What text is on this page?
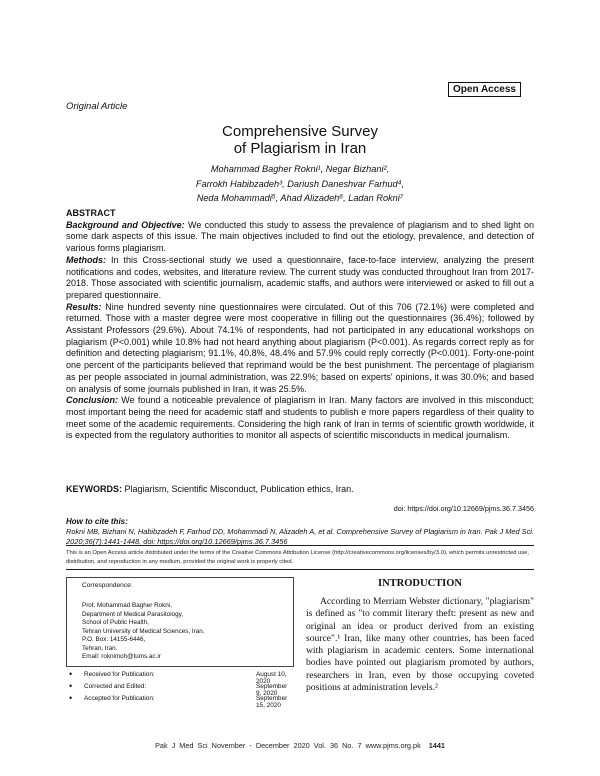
Open Access
Original Article
Comprehensive Survey
of Plagiarism in Iran
Mohammad Bagher Rokni¹, Negar Bizhani²,
Farrokh Habibzadeh³, Dariush Daneshvar Farhud⁴,
Neda Mohammadi⁵, Ahad Alizadeh⁶, Ladan Rokni⁷

ABSTRACT

Background and Objective: We conducted this study to assess the prevalence of plagiarism and to shed light on some dark aspects of this issue. The main objectives included to find out the etiology, prevalence, and detection of various forms plagiarism.

Methods: In this Cross-sectional study we used a questionnaire, face-to-face interview, analyzing the present notifications and codes, websites, and literature review. The current study was conducted throughout Iran from 2017-2018. Those associated with scientific journalism, academic staffs, and authors were interviewed or asked to fill out a prepared questionnaire.

Results: Nine hundred seventy nine questionnaires were circulated. Out of this 706 (72.1%) were completed and returned. Those with a master degree were most cooperative in filling out the questionnaires (36.4%); followed by Assistant Professors (29.6%). About 74.1% of respondents, had not participated in any educational workshops on plagiarism (P<0.001) while 10.8% had not heard anything about plagiarism (P<0.001). As regards correct reply as for definition and detecting plagiarism; 91.1%, 40.8%, 48.4% and 57.9% could reply correctly (P<0.001). Forty-one-point one percent of the participants believed that reprimand would be the best punishment. The percentage of plagiarism as per people associated in journal administration, was 22.9%; based on experts' opinions, it was 30.0%; and based on analysis of some journals published in Iran, it was 25.5%.

Conclusion: We found a noticeable prevalence of plagiarism in Iran. Many factors are involved in this misconduct; most important being the need for academic staff and students to publish e more papers regardless of their quality to meet some of the academic requirements. Considering the high rank of Iran in terms of scientific growth worldwide, it is expected from the regulatory authorities to monitor all aspects of scientific misconducts in medical journalism.

KEYWORDS: Plagiarism, Scientific Misconduct, Publication ethics, Iran.
doi: https://doi.org/10.12669/pjms.36.7.3456
How to cite this:
Rokni MB, Bizhani N, Habibzadeh F, Farhud DD, Mohammadi N, Alizadeh A, et al. Comprehensive Survey of Plagiarism in Iran. Pak J Med Sci. 2020;36(7):1441-1448. doi: https://doi.org/10.12669/pjms.36.7.3456
This is an Open Access article distributed under the terms of the Creative Commons Attribution License (http://creativecommons.org/licenses/by/3.0), which permits unrestricted use, distribution, and reproduction in any medium, provided the original work is properly cited.
Correspondence:
Prof. Mohammad Bagher Rokni,
Department of Medical Parasitology,
School of Public Health,
Tehran University of Medical Sciences, Iran.
P.O. Box: 14155-6446,
Tehran, Iran.
Email: roknimoh@tums.ac.ir
• Received for Publication:	August 10, 2020
• Corrected and Edited:	September 9, 2020
• Accepted for Publication:	September 15, 2020
INTRODUCTION

According to Merriam Webster dictionary, "plagiarism" is defined as "to commit literary theft: present as new and original an idea or product derived from an existing source".¹ Iran, like many other countries, has been faced with plagiarism in academic centers. Some international bodies have pointed out plagiarism promoted by authors, researchers in Iran, even by those occupying coveted positions at administration levels.²

Pak J Med Sci November - December 2020 Vol. 36 No. 7 www.pjms.org.pk 1441
